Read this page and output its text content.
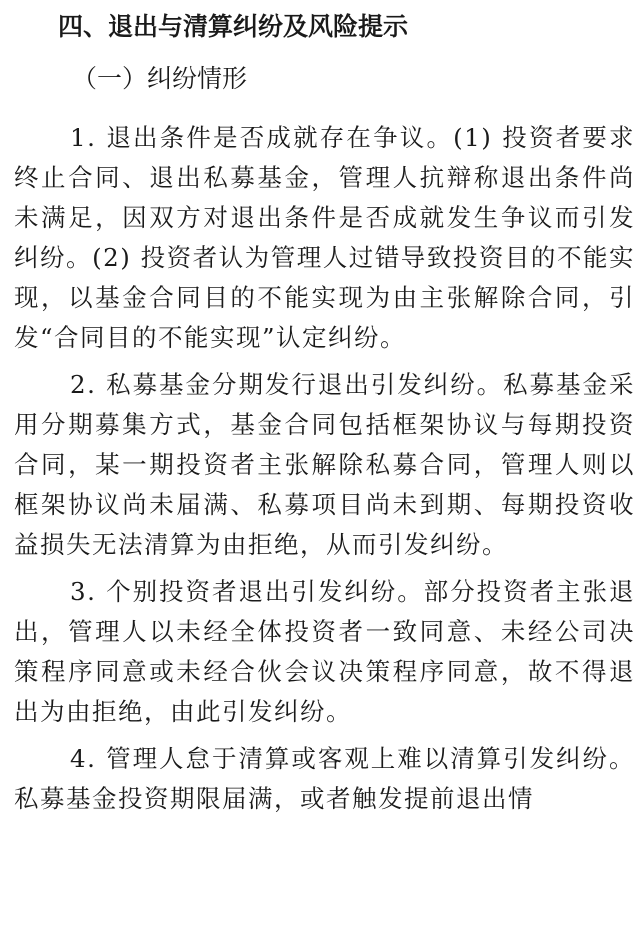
四、退出与清算纠纷及风险提示
（一）纠纷情形

1. 退出条件是否成就存在争议。(1) 投资者要求终止合同、退出私募基金，管理人抗辩称退出条件尚未满足，因双方对退出条件是否成就发生争议而引发纠纷。(2) 投资者认为管理人过错导致投资目的不能实现，以基金合同目的不能实现为由主张解除合同，引发“合同目的不能实现”认定纠纷。

2. 私募基金分期发行退出引发纠纷。私募基金采用分期募集方式，基金合同包括框架协议与每期投资合同，某一期投资者主张解除私募合同，管理人则以框架协议尚未届满、私募项目尚未到期、每期投资收益损失无法清算为由拒绝，从而引发纠纷。

3. 个别投资者退出引发纠纷。部分投资者主张退出，管理人以未经全体投资者一致同意、未经公司决策程序同意或未经合伙会议决策程序同意，故不得退出为由拒绝，由此引发纠纷。

4. 管理人怠于清算或客观上难以清算引发纠纷。私募基金投资期限届满，或者触发提前退出情
